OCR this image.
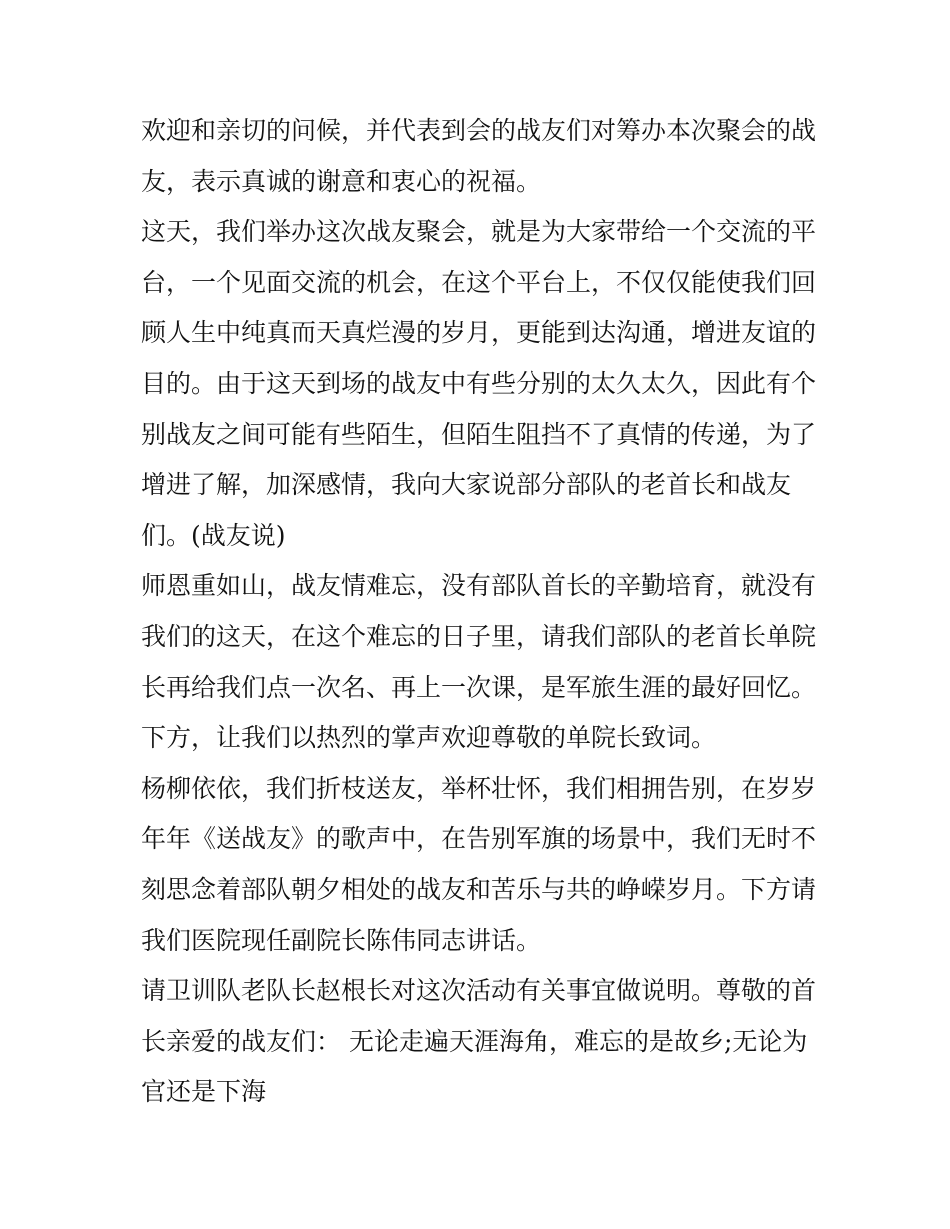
欢迎和亲切的问候，并代表到会的战友们对筹办本次聚会的战
友，表示真诚的谢意和衷心的祝福。
这天，我们举办这次战友聚会，就是为大家带给一个交流的平
台，一个见面交流的机会，在这个平台上，不仅仅能使我们回
顾人生中纯真而天真烂漫的岁月，更能到达沟通，增进友谊的
目的。由于这天到场的战友中有些分别的太久太久，因此有个
别战友之间可能有些陌生，但陌生阻挡不了真情的传递，为了
增进了解，加深感情，我向大家说部分部队的老首长和战友
们。(战友说)
师恩重如山，战友情难忘，没有部队首长的辛勤培育，就没有
我们的这天，在这个难忘的日子里，请我们部队的老首长单院
长再给我们点一次名、再上一次课，是军旅生涯的最好回忆。
下方，让我们以热烈的掌声欢迎尊敬的单院长致词。
杨柳依依，我们折枝送友，举杯壮怀，我们相拥告别，在岁岁
年年《送战友》的歌声中，在告别军旗的场景中，我们无时不
刻思念着部队朝夕相处的战友和苦乐与共的峥嵘岁月。下方请
我们医院现任副院长陈伟同志讲话。
请卫训队老队长赵根长对这次活动有关事宜做说明。尊敬的首
长亲爱的战友们： 无论走遍天涯海角，难忘的是故乡;无论为
官还是下海
